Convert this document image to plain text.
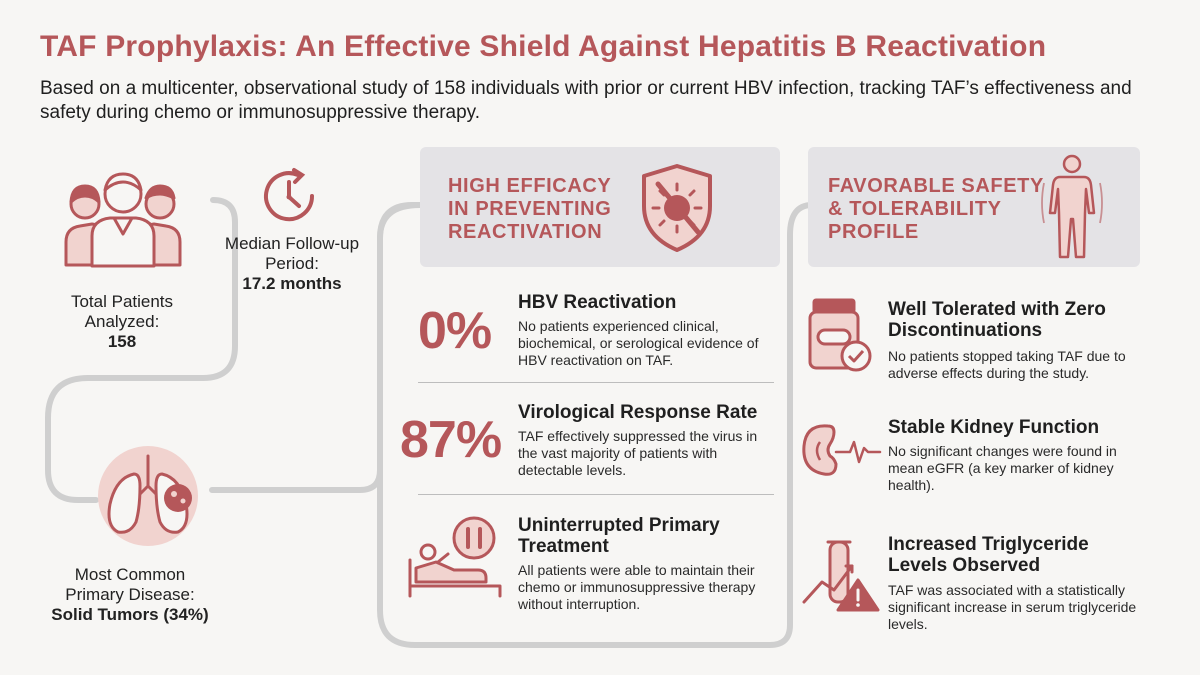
TAF Prophylaxis: An Effective Shield Against Hepatitis B Reactivation
Based on a multicenter, observational study of 158 individuals with prior or current HBV infection, tracking TAF’s effectiveness and safety during chemo or immunosuppressive therapy.
Total Patients Analyzed:
158
Median Follow-up Period:
17.2 months
Most Common Primary Disease:
Solid Tumors (34%)
HIGH EFFICACY
IN PREVENTING
REACTIVATION
0% HBV Reactivation
No patients experienced clinical, biochemical, or serological evidence of HBV reactivation on TAF.
87% Virological Response Rate
TAF effectively suppressed the virus in the vast majority of patients with detectable levels.
Uninterrupted Primary Treatment
All patients were able to maintain their chemo or immunosuppressive therapy without interruption.
FAVORABLE SAFETY
& TOLERABILITY
PROFILE
Well Tolerated with Zero Discontinuations
No patients stopped taking TAF due to adverse effects during the study.
Stable Kidney Function
No significant changes were found in mean eGFR (a key marker of kidney health).
Increased Triglyceride Levels Observed
TAF was associated with a statistically significant increase in serum triglyceride levels.
